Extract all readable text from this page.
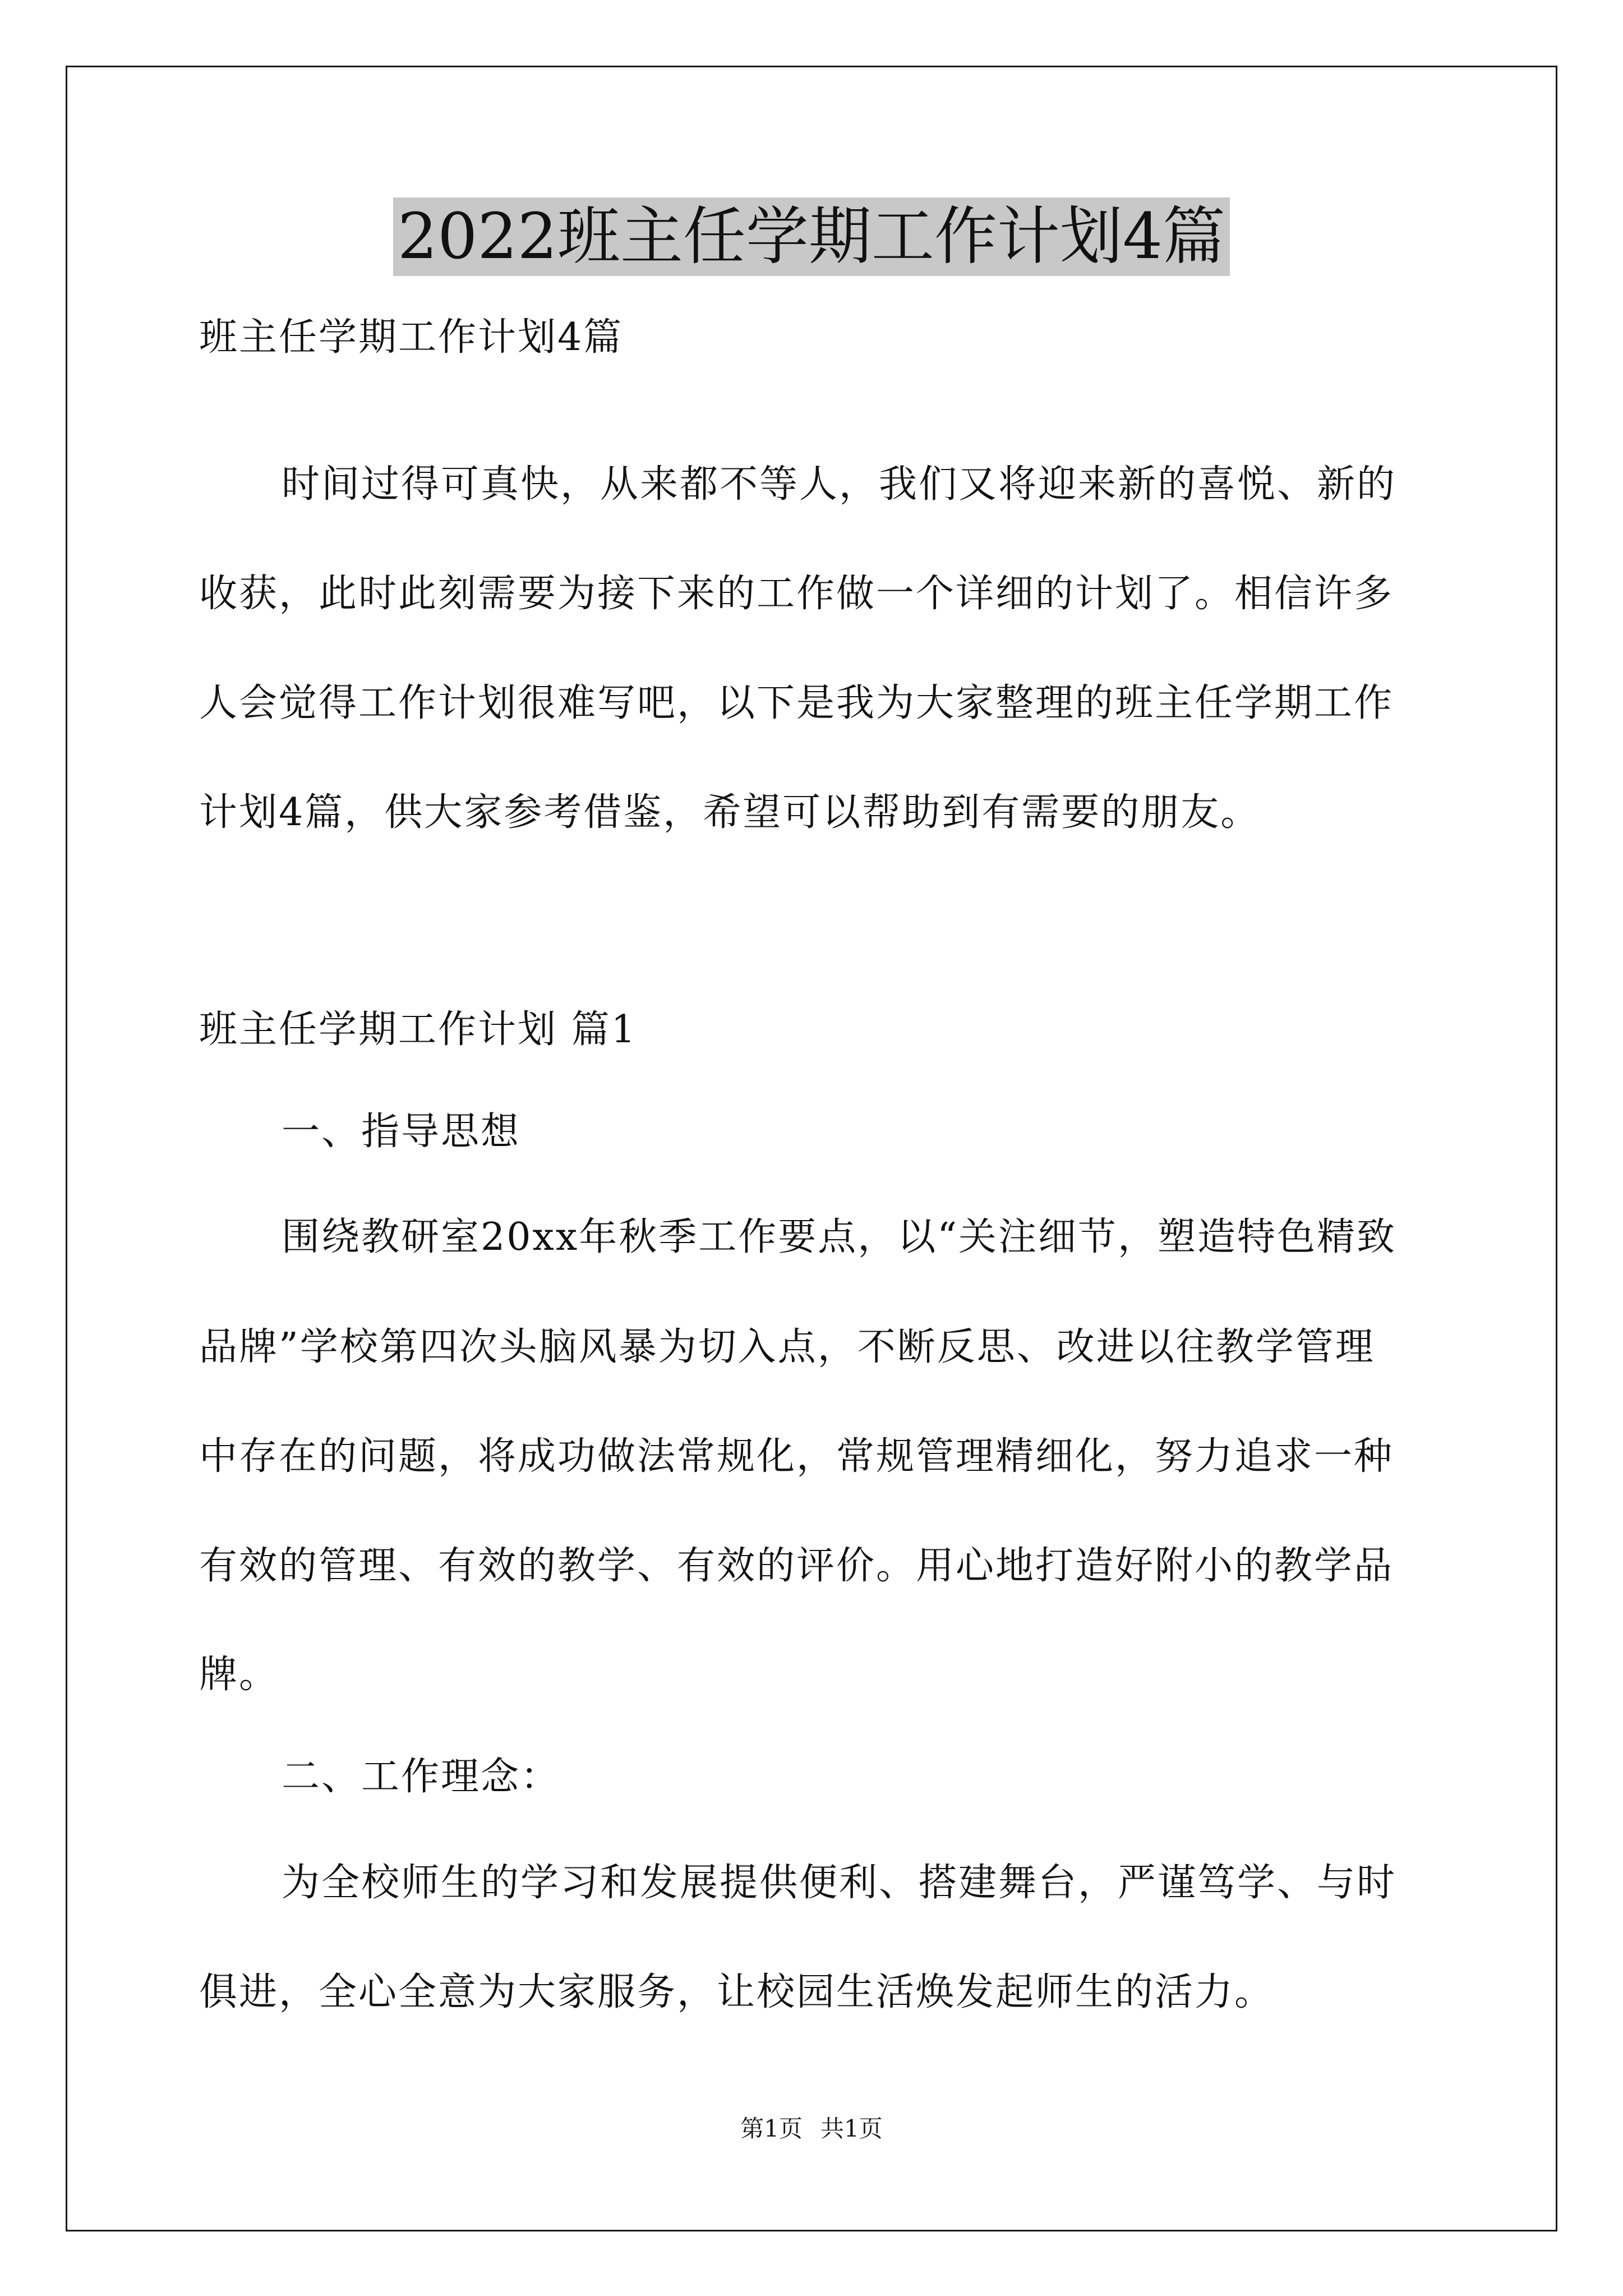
2022班主任学期工作计划4篇
班主任学期工作计划4篇
时间过得可真快，从来都不等人，我们又将迎来新的喜悦、新的
收获，此时此刻需要为接下来的工作做一个详细的计划了。相信许多
人会觉得工作计划很难写吧，以下是我为大家整理的班主任学期工作
计划4篇，供大家参考借鉴，希望可以帮助到有需要的朋友。
班主任学期工作计划 篇1
一、指导思想
围绕教研室20xx年秋季工作要点，以“关注细节，塑造特色精致
品牌”学校第四次头脑风暴为切入点，不断反思、改进以往教学管理
中存在的问题，将成功做法常规化，常规管理精细化，努力追求一种
有效的管理、有效的教学、有效的评价。用心地打造好附小的教学品
牌。
二、工作理念：
为全校师生的学习和发展提供便利、搭建舞台，严谨笃学、与时
俱进，全心全意为大家服务，让校园生活焕发起师生的活力。
第1页 共1页
